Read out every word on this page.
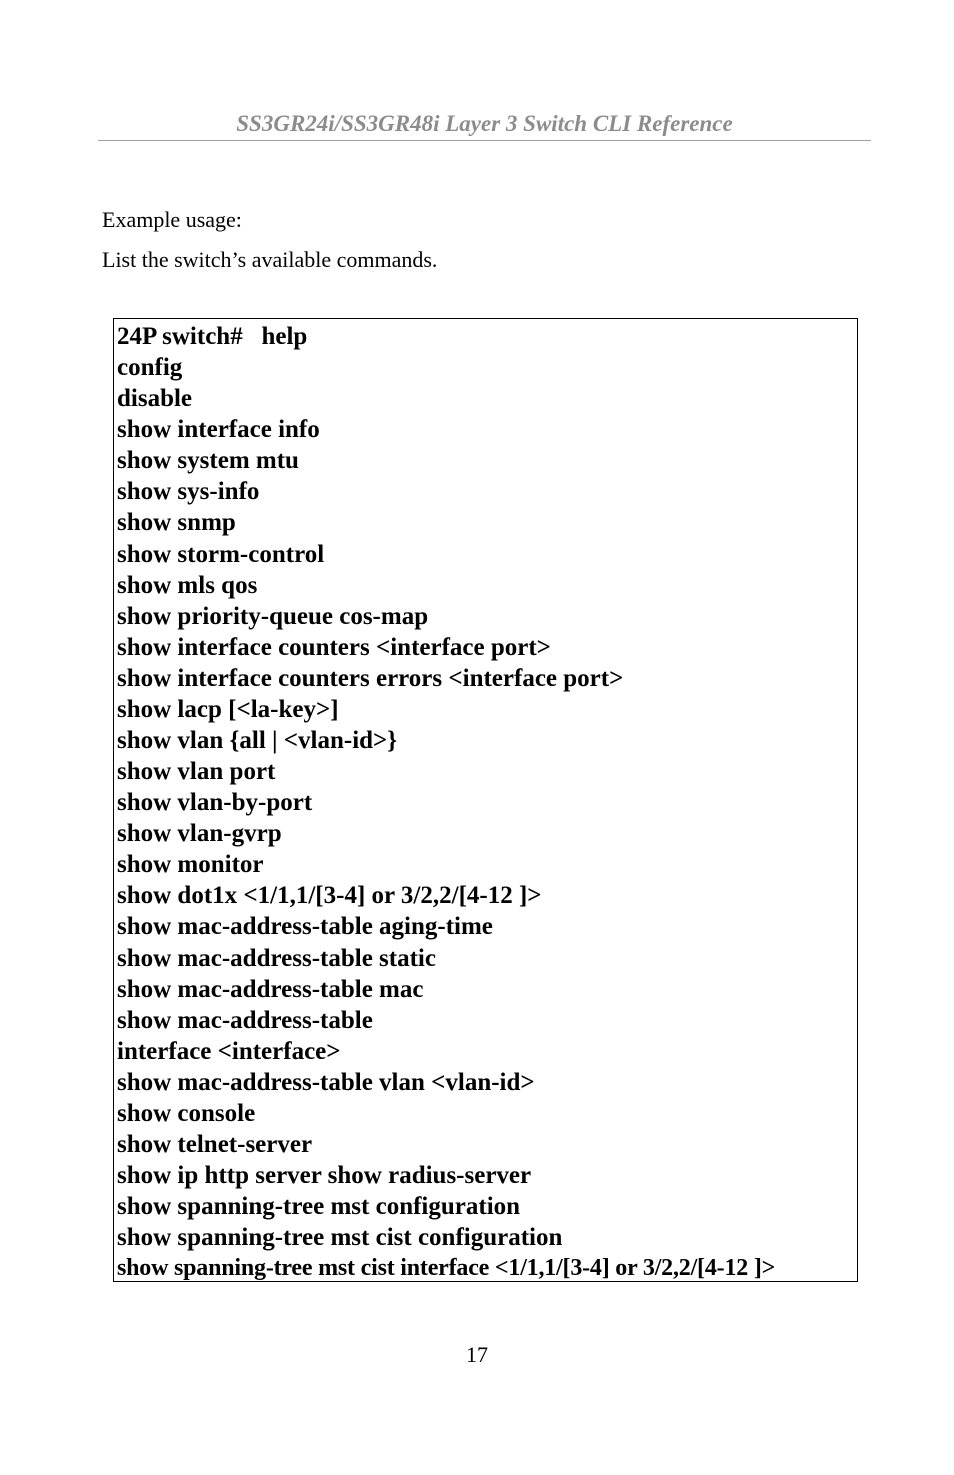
SS3GR24i/SS3GR48i Layer 3 Switch CLI Reference
Example usage:
List the switch’s available commands.
24P switch#   help
config
disable
show interface info
show system mtu
show sys-info
show snmp
show storm-control
show mls qos
show priority-queue cos-map
show interface counters <interface port>
show interface counters errors <interface port>
show lacp [<la-key>]
show vlan {all | <vlan-id>}
show vlan port
show vlan-by-port
show vlan-gvrp
show monitor
show dot1x <1/1,1/[3-4] or 3/2,2/[4-12 ]>
show mac-address-table aging-time
show mac-address-table static
show mac-address-table mac
show mac-address-table
interface <interface>
show mac-address-table vlan <vlan-id>
show console
show telnet-server
show ip http server show radius-server
show spanning-tree mst configuration
show spanning-tree mst cist configuration
show spanning-tree mst cist interface <1/1,1/[3-4] or 3/2,2/[4-12 ]>
17
